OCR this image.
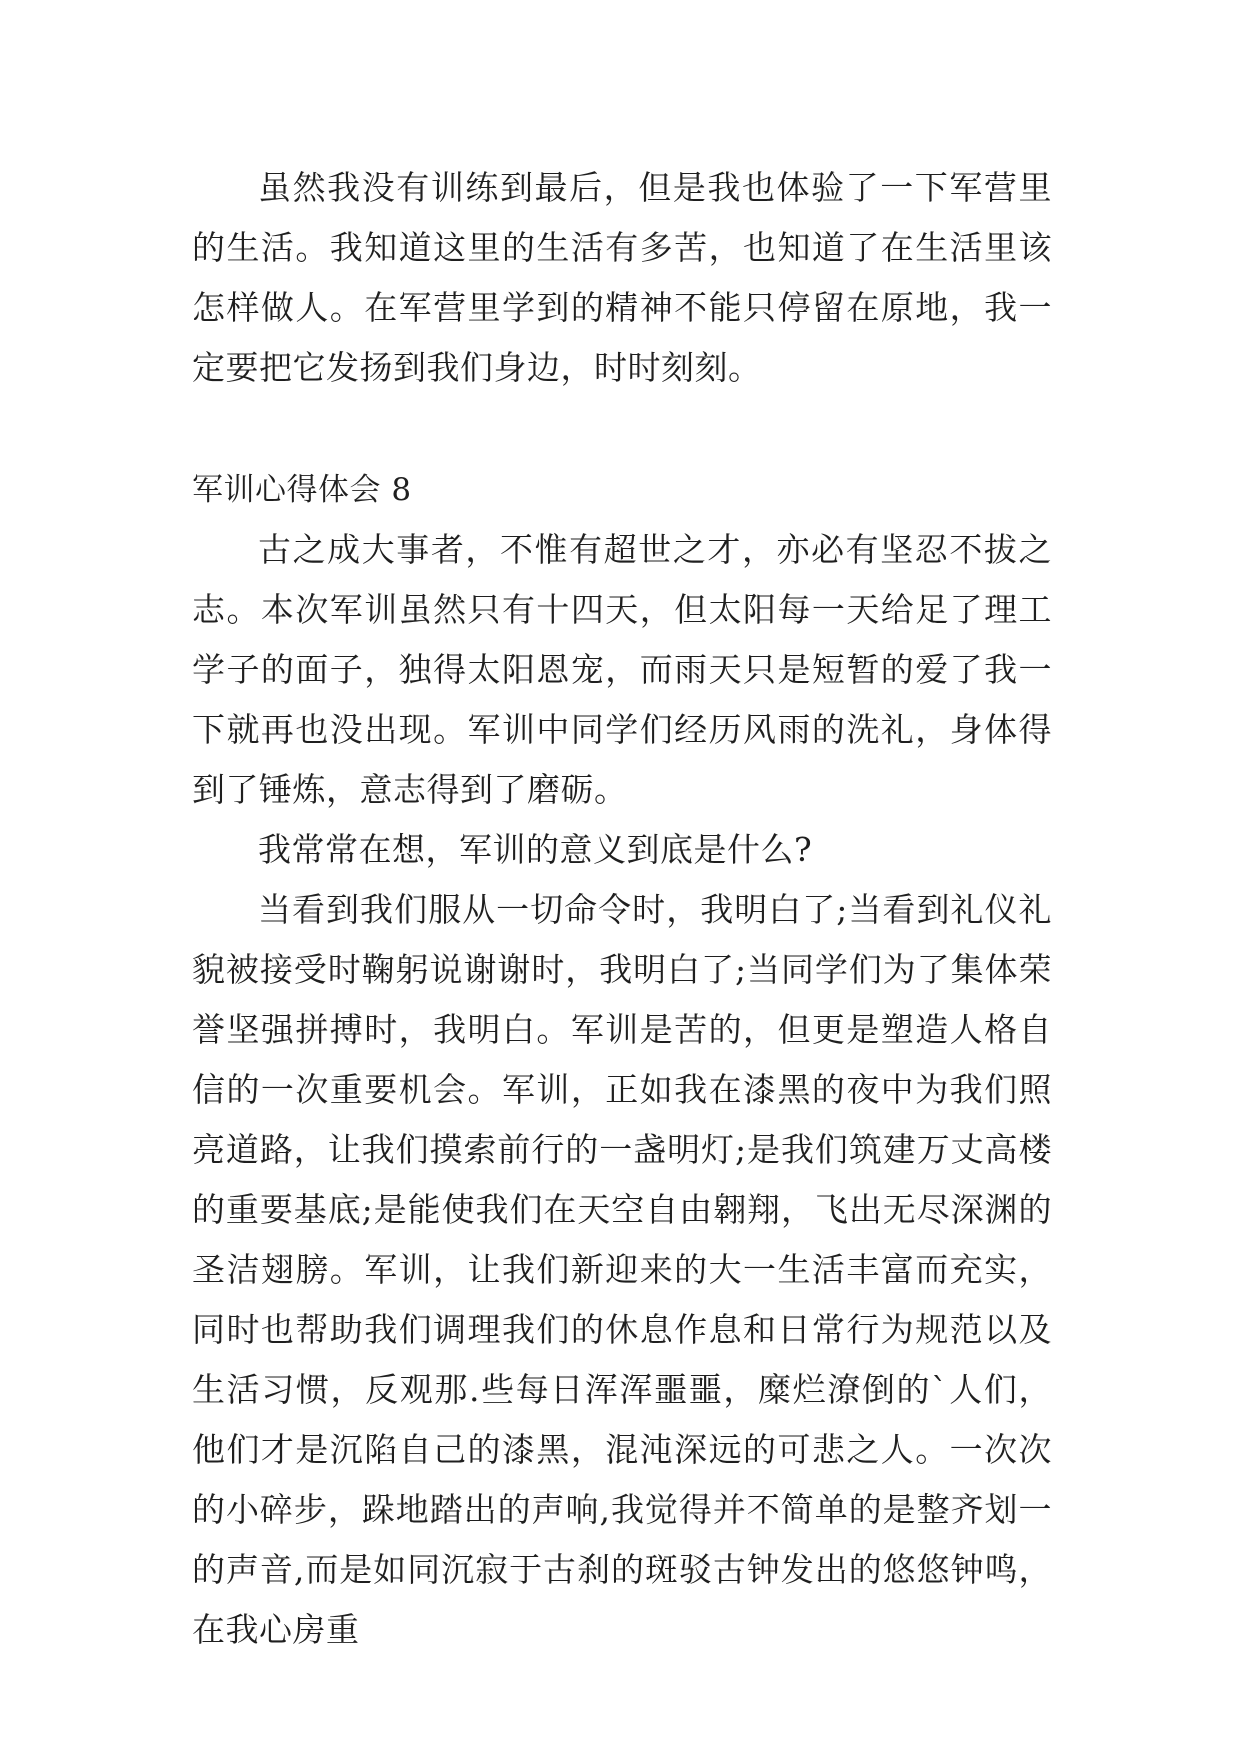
虽然我没有训练到最后，但是我也体验了一下军营里的生活。我知道这里的生活有多苦，也知道了在生活里该怎样做人。在军营里学到的精神不能只停留在原地，我一定要把它发扬到我们身边，时时刻刻。

军训心得体会 8

古之成大事者，不惟有超世之才，亦必有坚忍不拔之志。本次军训虽然只有十四天，但太阳每一天给足了理工学子的面子，独得太阳恩宠，而雨天只是短暂的爱了我一下就再也没出现。军训中同学们经历风雨的洗礼，身体得到了锤炼，意志得到了磨砺。

我常常在想，军训的意义到底是什么?

当看到我们服从一切命令时，我明白了;当看到礼仪礼貌被接受时鞠躬说谢谢时，我明白了;当同学们为了集体荣誉坚强拼搏时，我明白。军训是苦的，但更是塑造人格自信的一次重要机会。军训，正如我在漆黑的夜中为我们照亮道路，让我们摸索前行的一盏明灯;是我们筑建万丈高楼的重要基底;是能使我们在天空自由翱翔，飞出无尽深渊的圣洁翅膀。军训，让我们新迎来的大一生活丰富而充实，同时也帮助我们调理我们的休息作息和日常行为规范以及生活习惯，反观那.些每日浑浑噩噩，糜烂潦倒的`人们，他们才是沉陷自己的漆黑，混沌深远的可悲之人。一次次的小碎步，跺地踏出的声响,我觉得并不简单的是整齐划一的声音,而是如同沉寂于古刹的斑驳古钟发出的悠悠钟鸣，在我心房重
